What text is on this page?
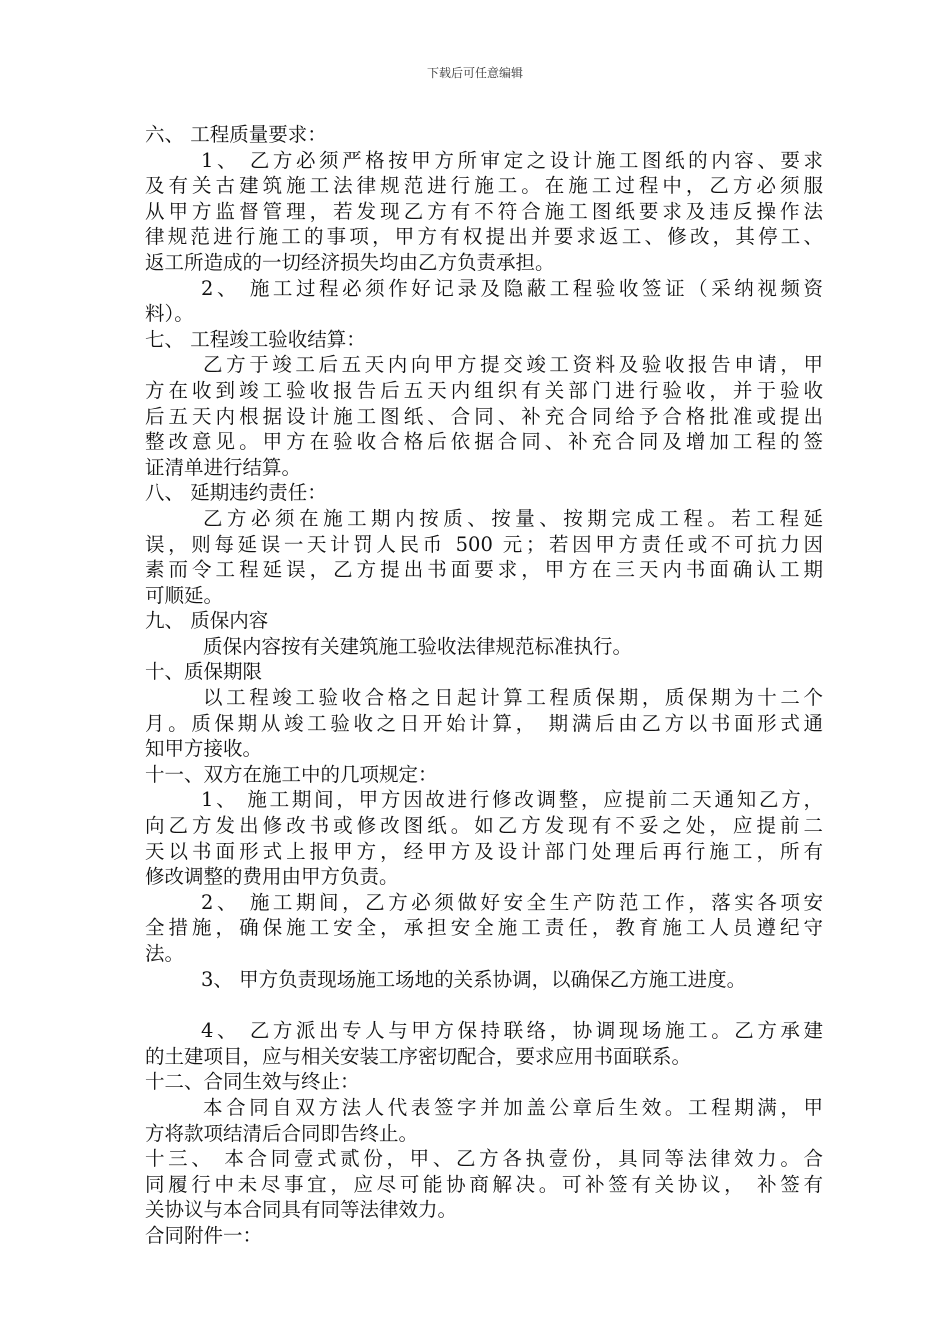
下载后可任意编辑
六、 工程质量要求：
1、 乙方必须严格按甲方所审定之设计施工图纸的内容、要求
及有关古建筑施工法律规范进行施工。在施工过程中，乙方必须服
从甲方监督管理，若发现乙方有不符合施工图纸要求及违反操作法
律规范进行施工的事项，甲方有权提出并要求返工、修改，其停工、
返工所造成的一切经济损失均由乙方负责承担。
2、 施工过程必须作好记录及隐蔽工程验收签证（采纳视频资
料）。
七、 工程竣工验收结算：
乙方于竣工后五天内向甲方提交竣工资料及验收报告申请，甲
方在收到竣工验收报告后五天内组织有关部门进行验收，并于验收
后五天内根据设计施工图纸、合同、补充合同给予合格批准或提出
整改意见。甲方在验收合格后依据合同、补充合同及增加工程的签
证清单进行结算。
八、 延期违约责任：
乙方必须在施工期内按质、按量、按期完成工程。若工程延
误，则每延误一天计罚人民币 500 元；若因甲方责任或不可抗力因
素而令工程延误，乙方提出书面要求，甲方在三天内书面确认工期
可顺延。
九、 质保内容
质保内容按有关建筑施工验收法律规范标准执行。
十、质保期限
以工程竣工验收合格之日起计算工程质保期，质保期为十二个
月。质保期从竣工验收之日开始计算， 期满后由乙方以书面形式通
知甲方接收。
十一、双方在施工中的几项规定：
1、 施工期间，甲方因故进行修改调整，应提前二天通知乙方，
向乙方发出修改书或修改图纸。如乙方发现有不妥之处，应提前二
天以书面形式上报甲方，经甲方及设计部门处理后再行施工，所有
修改调整的费用由甲方负责。
2、 施工期间，乙方必须做好安全生产防范工作，落实各项安
全措施，确保施工安全，承担安全施工责任，教育施工人员遵纪守
法。
3、 甲方负责现场施工场地的关系协调，以确保乙方施工进度。
4、 乙方派出专人与甲方保持联络，协调现场施工。乙方承建
的土建项目，应与相关安装工序密切配合，要求应用书面联系。
十二、合同生效与终止：
本合同自双方法人代表签字并加盖公章后生效。工程期满，甲
方将款项结清后合同即告终止。
十三、 本合同壹式贰份，甲、乙方各执壹份，具同等法律效力。合
同履行中未尽事宜，应尽可能协商解决。可补签有关协议， 补签有
关协议与本合同具有同等法律效力。
合同附件一：
